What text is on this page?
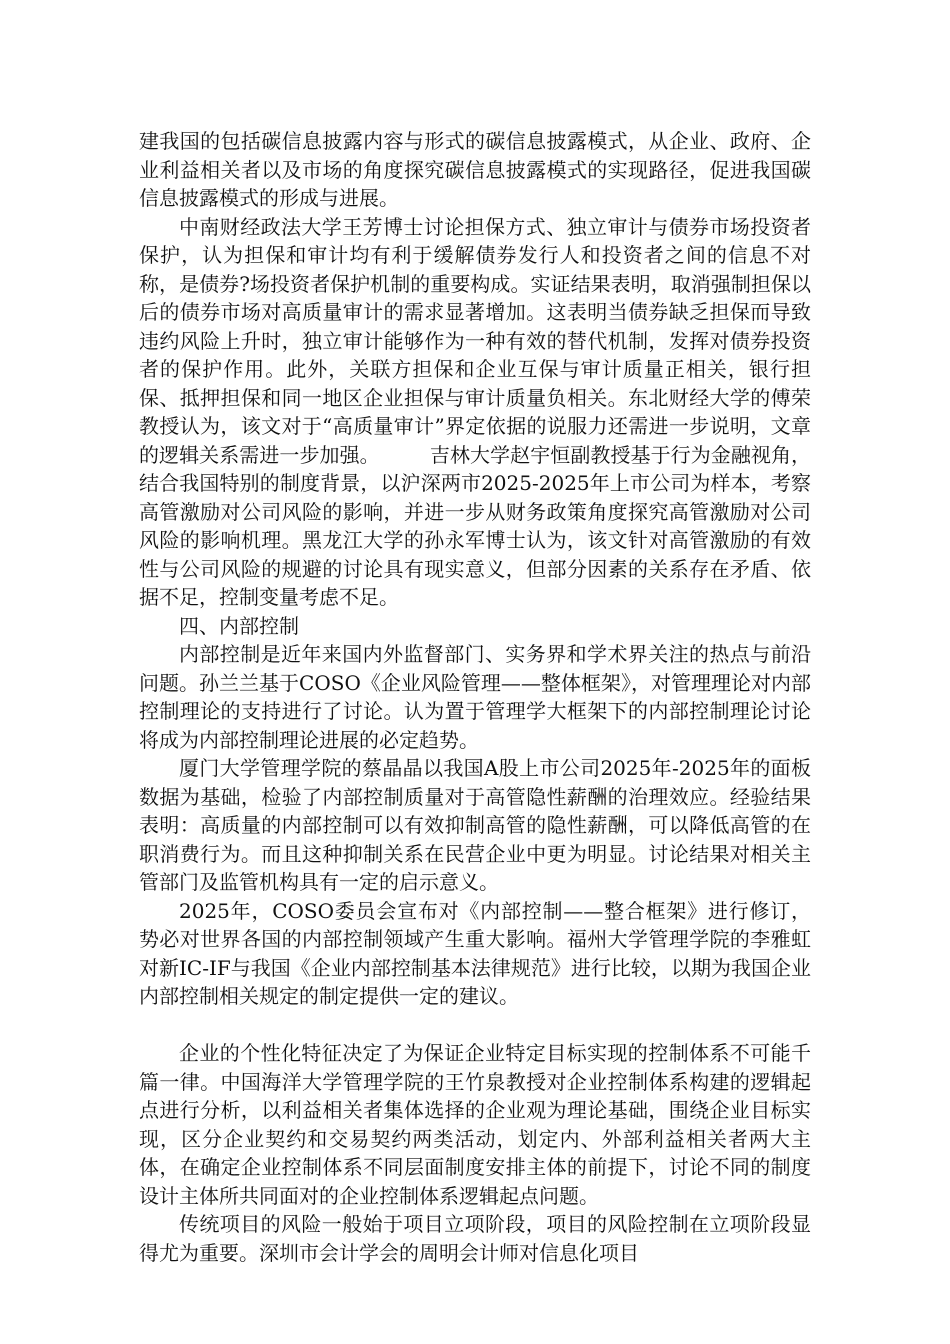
建我国的包括碳信息披露内容与形式的碳信息披露模式，从企业、政府、企业利益相关者以及市场的角度探究碳信息披露模式的实现路径，促进我国碳信息披露模式的形成与进展。

中南财经政法大学王芳博士讨论担保方式、独立审计与债券市场投资者保护，认为担保和审计均有利于缓解债券发行人和投资者之间的信息不对称，是债券?场投资者保护机制的重要构成。实证结果表明，取消强制担保以后的债券市场对高质量审计的需求显著增加。这表明当债券缺乏担保而导致违约风险上升时，独立审计能够作为一种有效的替代机制，发挥对债券投资者的保护作用。此外，关联方担保和企业互保与审计质量正相关，银行担保、抵押担保和同一地区企业担保与审计质量负相关。东北财经大学的傅荣教授认为，该文对于“高质量审计”界定依据的说服力还需进一步说明，文章的逻辑关系需进一步加强。　　　吉林大学赵宇恒副教授基于行为金融视角，结合我国特别的制度背景，以沪深两市2025-2025年上市公司为样本，考察高管激励对公司风险的影响，并进一步从财务政策角度探究高管激励对公司风险的影响机理。黑龙江大学的孙永军博士认为，该文针对高管激励的有效性与公司风险的规避的讨论具有现实意义，但部分因素的关系存在矛盾、依据不足，控制变量考虑不足。

四、内部控制

内部控制是近年来国内外监督部门、实务界和学术界关注的热点与前沿问题。孙兰兰基于COSO《企业风险管理——整体框架》，对管理理论对内部控制理论的支持进行了讨论。认为置于管理学大框架下的内部控制理论讨论将成为内部控制理论进展的必定趋势。

厦门大学管理学院的蔡晶晶以我国A股上市公司2025年-2025年的面板数据为基础，检验了内部控制质量对于高管隐性薪酬的治理效应。经验结果表明：高质量的内部控制可以有效抑制高管的隐性薪酬，可以降低高管的在职消费行为。而且这种抑制关系在民营企业中更为明显。讨论结果对相关主管部门及监管机构具有一定的启示意义。

2025年，COSO委员会宣布对《内部控制——整合框架》进行修订，势必对世界各国的内部控制领域产生重大影响。福州大学管理学院的李雅虹对新IC-IF与我国《企业内部控制基本法律规范》进行比较，以期为我国企业内部控制相关规定的制定提供一定的建议。

企业的个性化特征决定了为保证企业特定目标实现的控制体系不可能千篇一律。中国海洋大学管理学院的王竹泉教授对企业控制体系构建的逻辑起点进行分析，以利益相关者集体选择的企业观为理论基础，围绕企业目标实现，区分企业契约和交易契约两类活动，划定内、外部利益相关者两大主体，在确定企业控制体系不同层面制度安排主体的前提下，讨论不同的制度设计主体所共同面对的企业控制体系逻辑起点问题。

传统项目的风险一般始于项目立项阶段，项目的风险控制在立项阶段显得尤为重要。深圳市会计学会的周明会计师对信息化项目
